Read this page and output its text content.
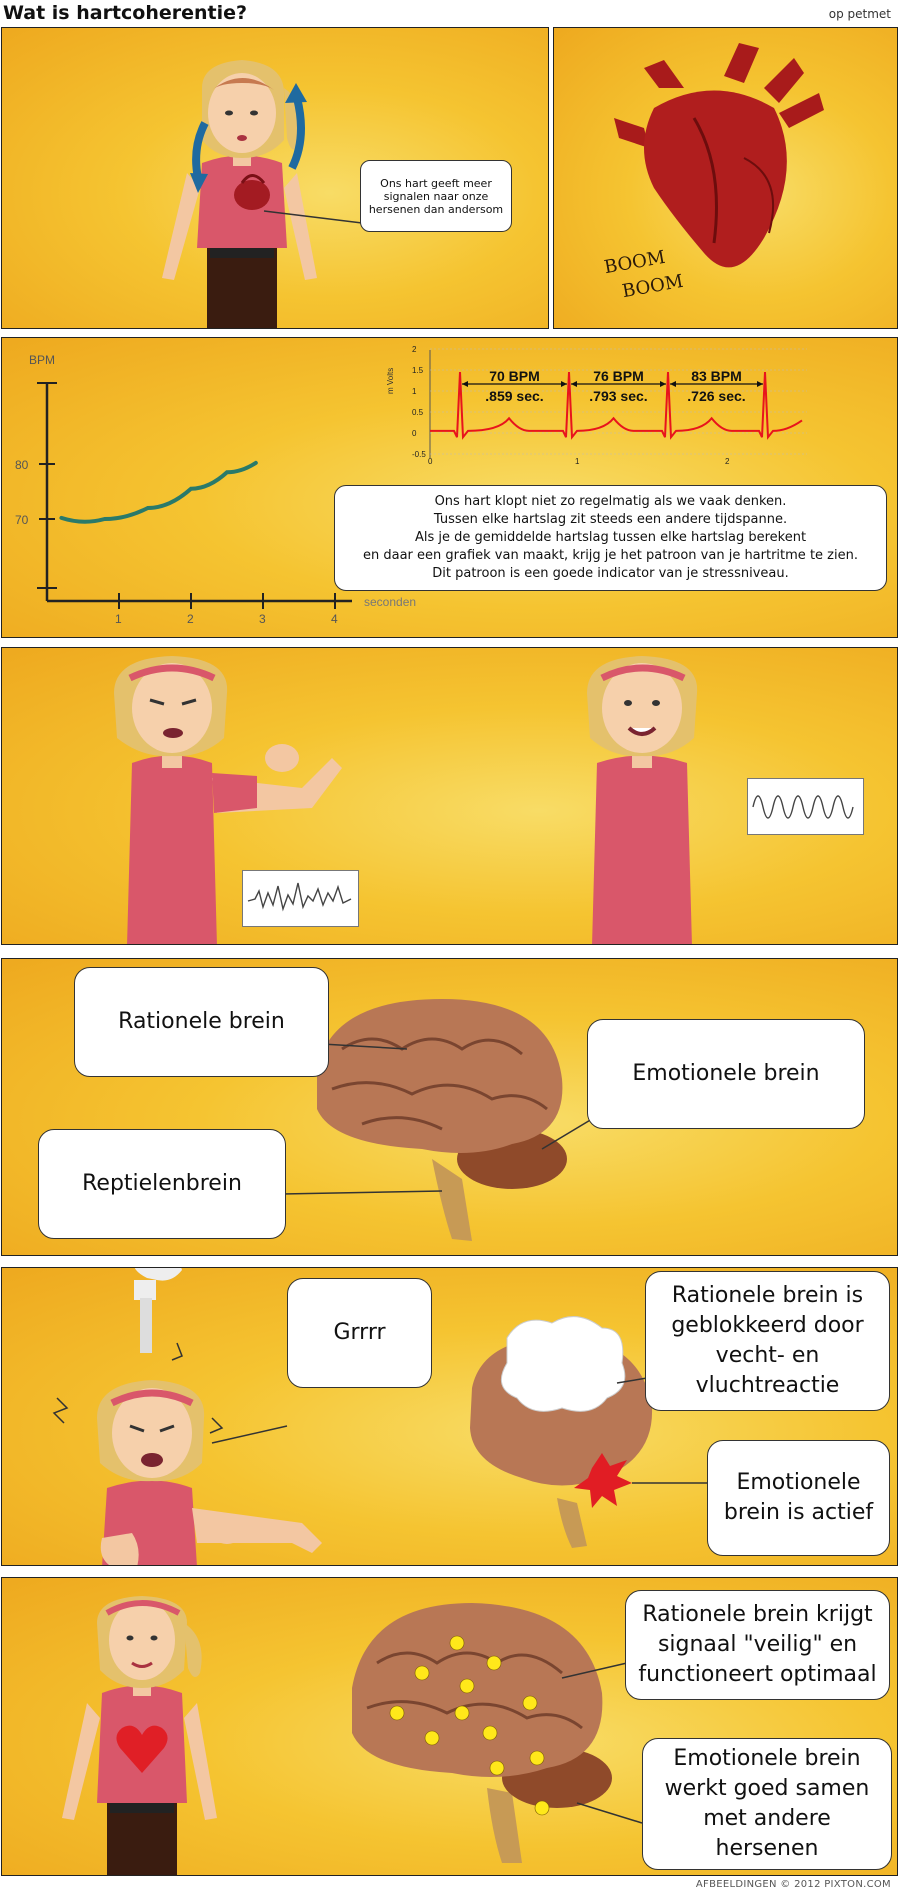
Wat is hartcoherentie?	op petmet
Ons hart geeft meer signalen naar onze hersenen dan andersom
BOOM
BOOM
BPM
80
70
1	2	3	4
seconden
m Volts
2
1.5
1
0.5
0
-0.5
0	1	2
70 BPM
.859 sec.
76 BPM
.793 sec.
83 BPM
.726 sec.
Ons hart klopt niet zo regelmatig als we vaak denken.
Tussen elke hartslag zit steeds een andere tijdspanne.
Als je de gemiddelde hartslag tussen elke hartslag berekent
en daar een grafiek van maakt, krijg je het patroon van je hartritme te zien.
Dit patroon is een goede indicator van je stressniveau.
Rationele brein
Emotionele brein
Reptielenbrein
Grrrr
Rationele brein is geblokkeerd door vecht- en vluchtreactie
Emotionele brein is actief
Rationele brein krijgt signaal "veilig" en functioneert optimaal
Emotionele brein werkt goed samen met andere hersenen
AFBEELDINGEN © 2012 PIXTON.COM
